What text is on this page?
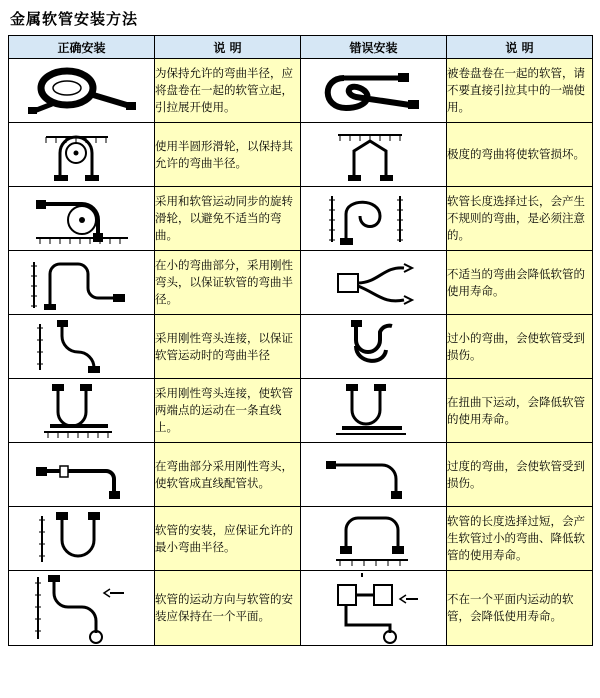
金属软管安装方法
正确安装	说 明	错误安装	说 明

	为保持允许的弯曲半径，应将盘卷在一起的软管立起，引拉展开使用。		被卷盘卷在一起的软管，请不要直接引拉其中的一端使用。

	使用半圆形滑轮，以保持其允许的弯曲半径。		极度的弯曲将使软管损坏。

	采用和软管运动同步的旋转滑轮，以避免不适当的弯曲。		软管长度选择过长，会产生不规则的弯曲，是必须注意的。

	在小的弯曲部分，采用刚性弯头，以保证软管的弯曲半径。		不适当的弯曲会降低软管的使用寿命。

	采用刚性弯头连接，以保证软管运动时的弯曲半径		过小的弯曲，会使软管受到损伤。

	采用刚性弯头连接，使软管两端点的运动在一条直线上。		在扭曲下运动，会降低软管的使用寿命。

	在弯曲部分采用刚性弯头，使软管成直线配管状。		过度的弯曲，会使软管受到损伤。

	软管的安装，应保证允许的最小弯曲半径。		软管的长度选择过短，会产生软管过小的弯曲、降低软管的使用寿命。

	软管的运动方向与软管的安装应保持在一个平面。		不在一个平面内运动的软管，会降低使用寿命。
